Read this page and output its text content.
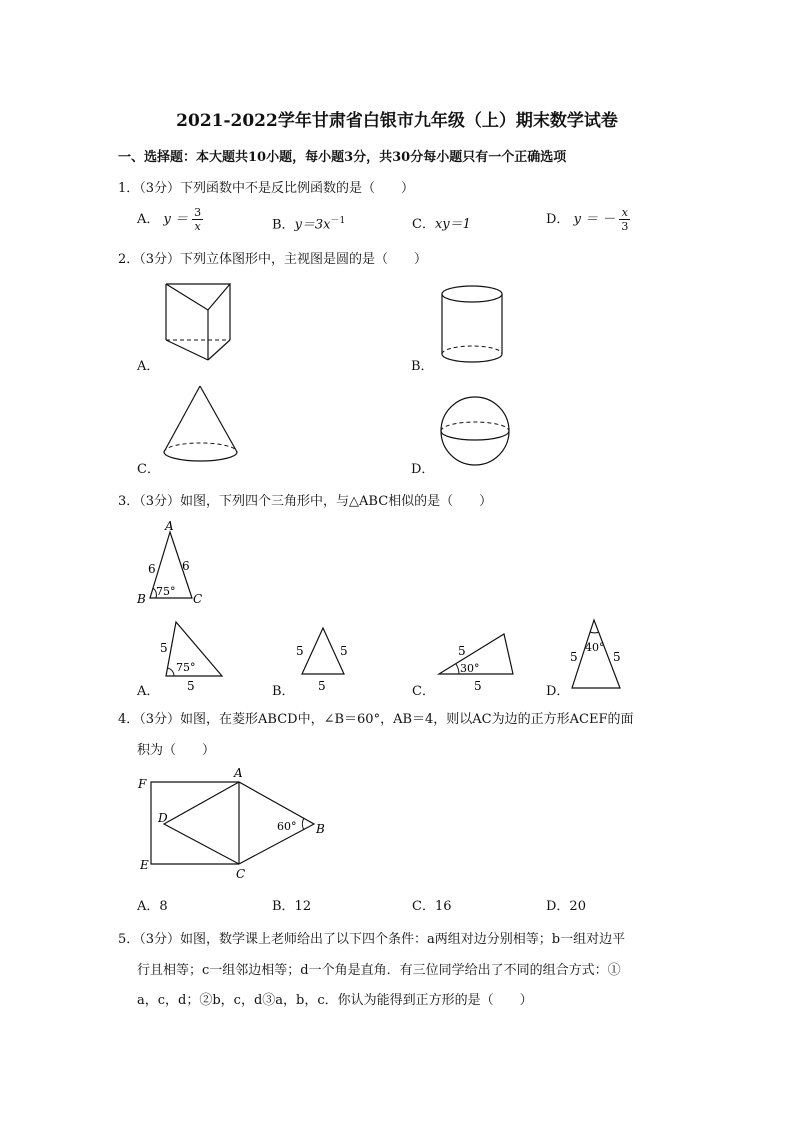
2021-2022学年甘肃省白银市九年级（上）期末数学试卷
一、选择题：本大题共10小题，每小题3分，共30分每小题只有一个正确选项
1．（3分）下列函数中不是反比例函数的是（　　）
A． $y = \frac{3}{x}$	B．$y=3x^{-1}$	C．xy＝1	D． y ＝ － $\frac{x}{3}$
2．（3分）下列立体图形中，主视图是圆的是（　　）
A．	B．
C．	D．
3．（3分）如图，下列四个三角形中，与△ABC相似的是（　　）
A
B	C
6 6
75°
5
5
75°
A．
5	5
5
B．
5
5
30°
C．
5	5
40°
D．
4．（3分）如图，在菱形ABCD中，∠B＝60°，AB＝4，则以AC为边的正方形ACEF的面
积为（　　）
F
A
D
B
E
C
60°
A．8	B．12	C．16	D．20
5．（3分）如图，数学课上老师给出了以下四个条件：a两组对边分别相等；b一组对边平
行且相等；c一组邻边相等；d一个角是直角．有三位同学给出了不同的组合方式：①
a，c，d；②b，c，d③a，b，c．你认为能得到正方形的是（　　）
